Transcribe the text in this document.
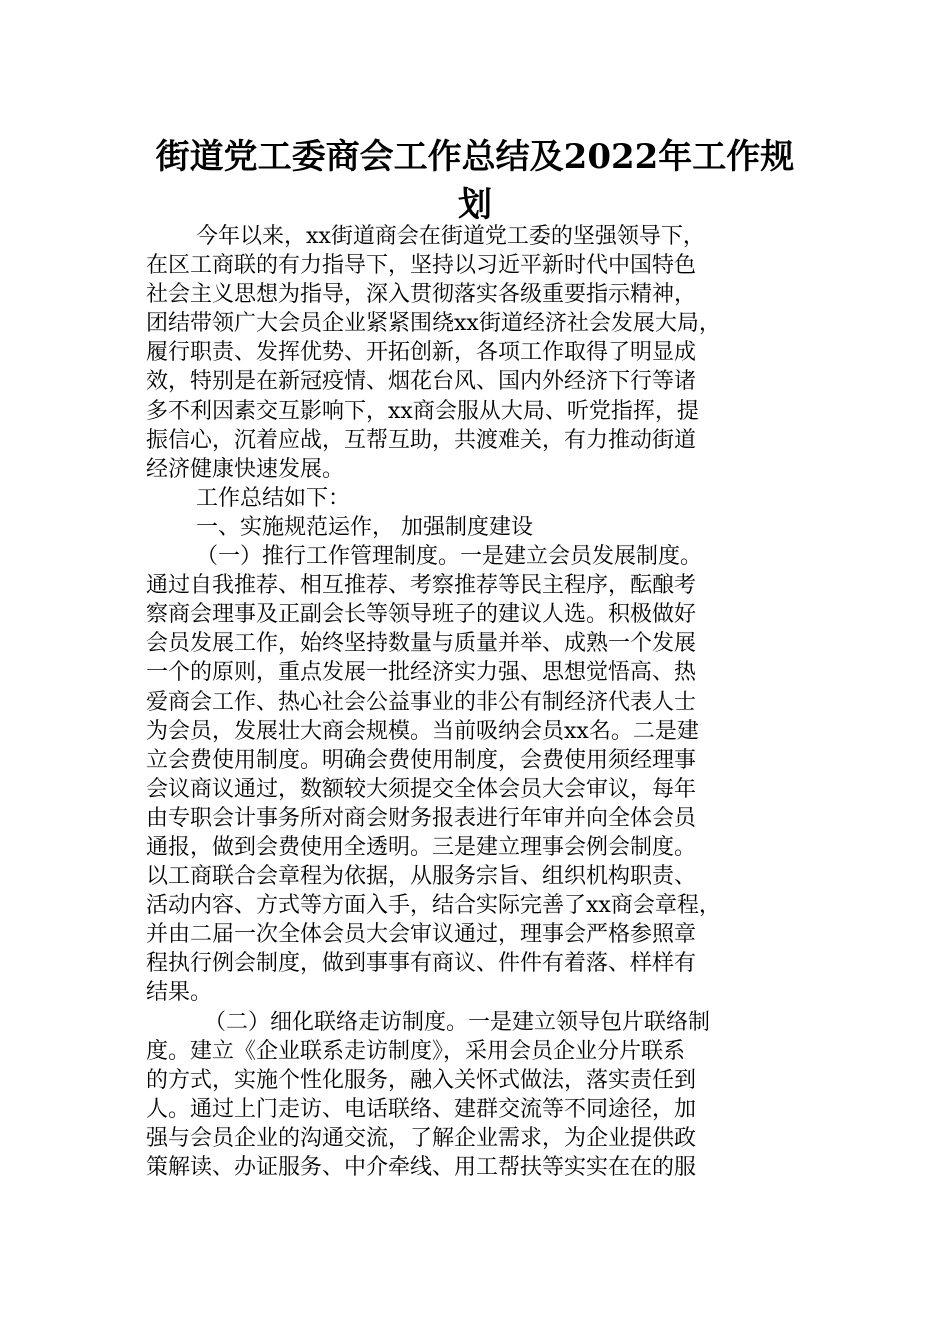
街道党工委商会工作总结及2022年工作规
划
今年以来，xx街道商会在街道党工委的坚强领导下，
在区工商联的有力指导下，坚持以习近平新时代中国特色
社会主义思想为指导，深入贯彻落实各级重要指示精神，
团结带领广大会员企业紧紧围绕xx街道经济社会发展大局，
履行职责、发挥优势、开拓创新，各项工作取得了明显成
效，特别是在新冠疫情、烟花台风、国内外经济下行等诸
多不利因素交互影响下，xx商会服从大局、听党指挥，提
振信心，沉着应战，互帮互助，共渡难关，有力推动街道
经济健康快速发展。
工作总结如下：
一、实施规范运作， 加强制度建设
（一）推行工作管理制度。一是建立会员发展制度。
通过自我推荐、相互推荐、考察推荐等民主程序，酝酿考
察商会理事及正副会长等领导班子的建议人选。积极做好
会员发展工作，始终坚持数量与质量并举、成熟一个发展
一个的原则，重点发展一批经济实力强、思想觉悟高、热
爱商会工作、热心社会公益事业的非公有制经济代表人士
为会员，发展壮大商会规模。当前吸纳会员xx名。二是建
立会费使用制度。明确会费使用制度，会费使用须经理事
会议商议通过，数额较大须提交全体会员大会审议，每年
由专职会计事务所对商会财务报表进行年审并向全体会员
通报，做到会费使用全透明。三是建立理事会例会制度。
以工商联合会章程为依据，从服务宗旨、组织机构职责、
活动内容、方式等方面入手，结合实际完善了xx商会章程，
并由二届一次全体会员大会审议通过，理事会严格参照章
程执行例会制度，做到事事有商议、件件有着落、样样有
结果。
（二）细化联络走访制度。一是建立领导包片联络制
度。建立《企业联系走访制度》，采用会员企业分片联系
的方式，实施个性化服务，融入关怀式做法，落实责任到
人。通过上门走访、电话联络、建群交流等不同途径，加
强与会员企业的沟通交流，了解企业需求，为企业提供政
策解读、办证服务、中介牵线、用工帮扶等实实在在的服
